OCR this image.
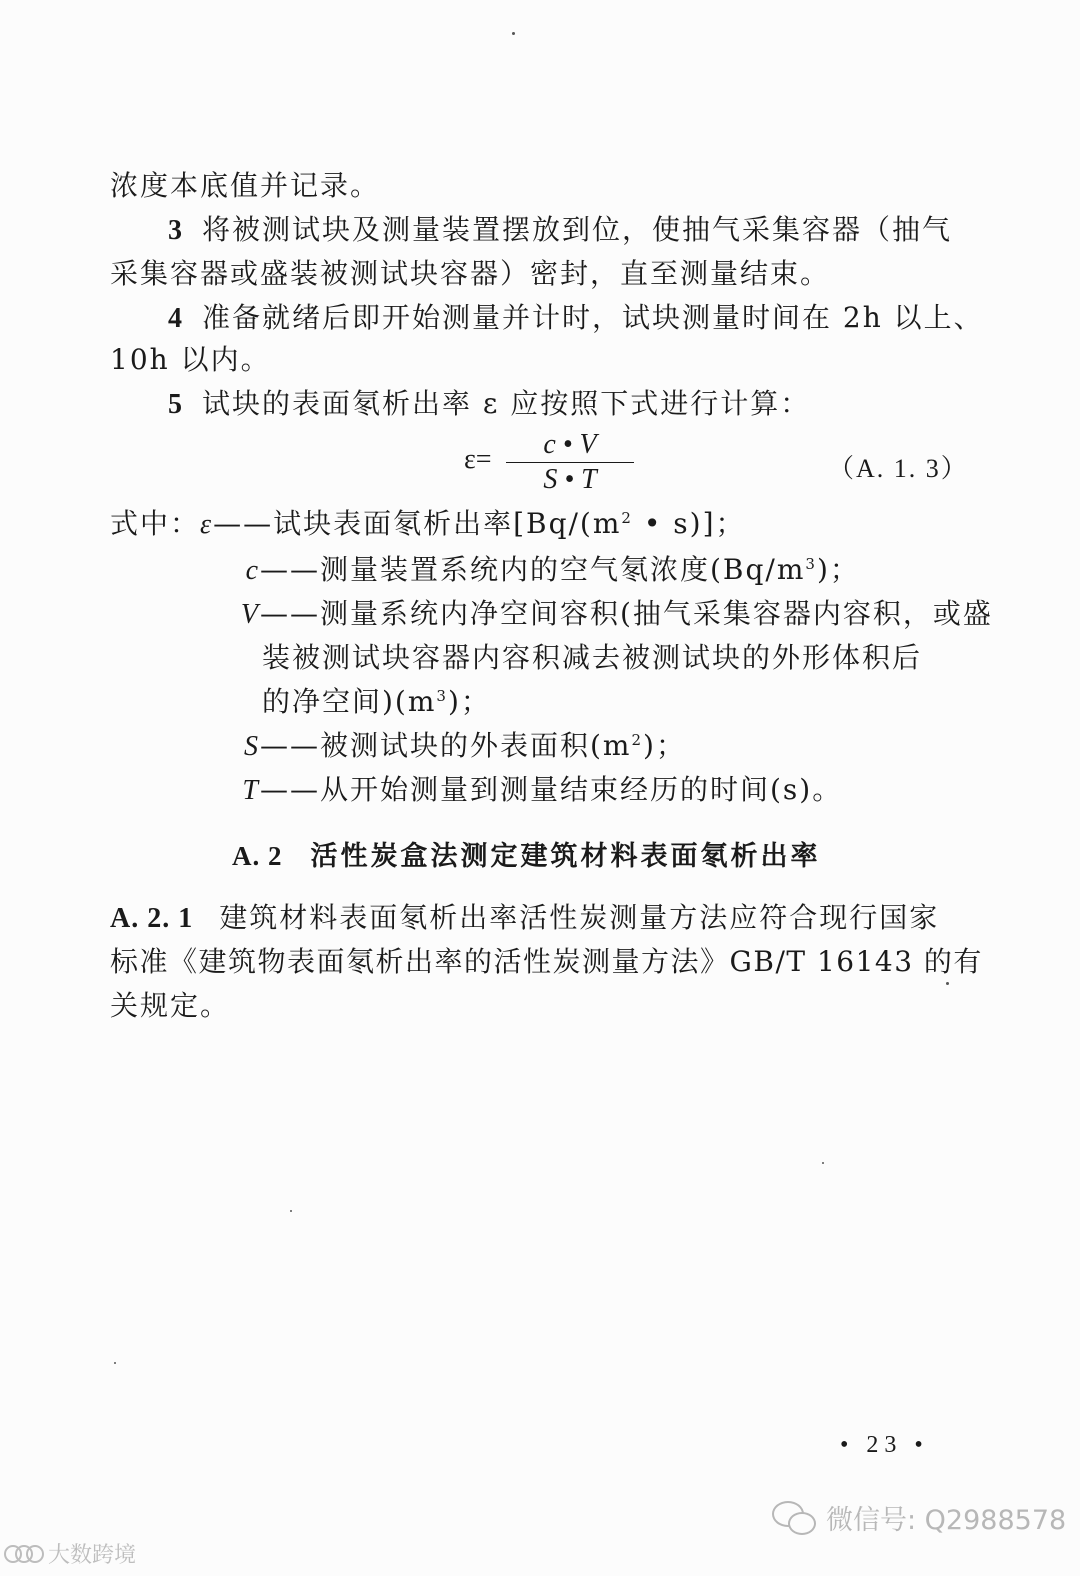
浓度本底值并记录。
3 将被测试块及测量装置摆放到位，使抽气采集容器（抽气
采集容器或盛装被测试块容器）密封，直至测量结束。
4 准备就绪后即开始测量并计时，试块测量时间在 2h 以上、
10h 以内。
5 试块的表面氡析出率 ε 应按照下式进行计算：
ε=	c • V
S • T	（A. 1. 3）
式中：ε——试块表面氡析出率[$Bq/(m^2$ • s)]；
c——测量装置系统内的空气氡浓度$(Bq/m^3)$；
V——测量系统内净空间容积(抽气采集容器内容积，或盛
装被测试块容器内容积减去被测试块的外形体积后
的净空间)$(m^3)$；
S——被测试块的外表面积$(m^2)$；
T——从开始测量到测量结束经历的时间(s)。
A. 2 活性炭盒法测定建筑材料表面氡析出率
A. 2. 1 建筑材料表面氡析出率活性炭测量方法应符合现行国家
标准《建筑物表面氡析出率的活性炭测量方法》GB/T 16143 的有
关规定。
• 23 •
微信号: Q2988578
大数跨境
